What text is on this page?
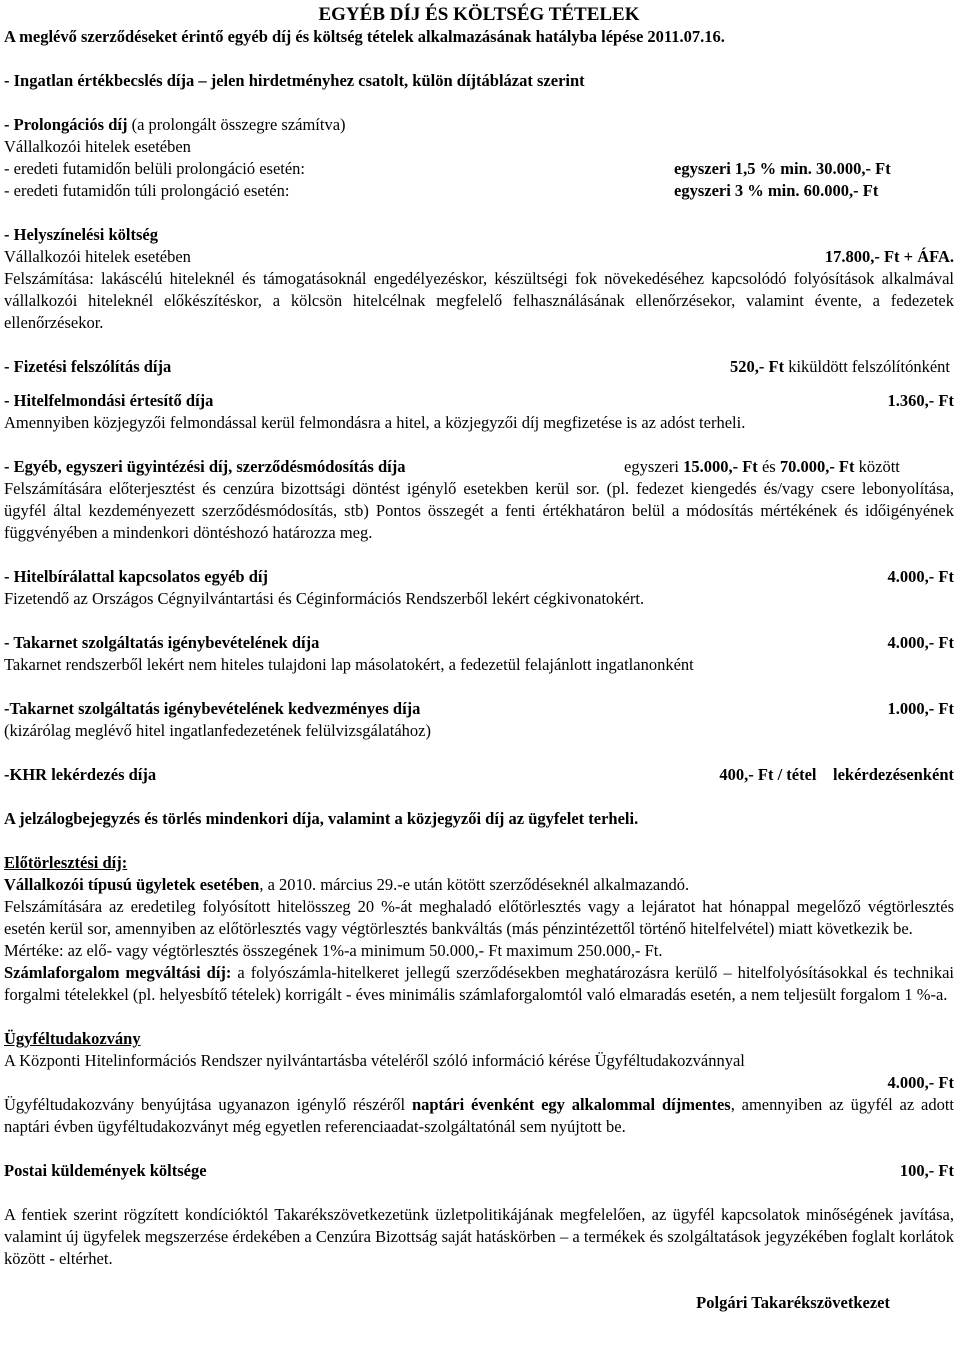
EGYÉB DÍJ ÉS KÖLTSÉG TÉTELEK

A meglévő szerződéseket érintő egyéb díj és költség tételek alkalmazásának hatályba lépése 2011.07.16.

- Ingatlan értékbecslés díja – jelen hirdetményhez csatolt, külön díjtáblázat szerint

- Prolongációs díj (a prolongált összegre számítva)

Vállalkozói hitelek esetében

- eredeti futamidőn belüli prolongáció esetén:	egyszeri 1,5 % min. 30.000,- Ft
- eredeti futamidőn túli prolongáció esetén:	egyszeri 3 % min. 60.000,- Ft

- Helyszínelési költség

Vállalkozói hitelek esetében	17.800,- Ft + ÁFA.

Felszámítása: lakáscélú hiteleknél és támogatásoknál engedélyezéskor, készültségi fok növekedéséhez kapcsolódó folyósítások alkalmával vállalkozói hiteleknél előkészítéskor, a kölcsön hitelcélnak megfelelő felhasználásának ellenőrzésekor, valamint évente, a fedezetek ellenőrzésekor.

- Fizetési felszólítás díja	520,- Ft kiküldött felszólítónként
- Hitelfelmondási értesítő díja	1.360,- Ft

Amennyiben közjegyzői felmondással kerül felmondásra a hitel, a közjegyzői díj megfizetése is az adóst terheli.

- Egyéb, egyszeri ügyintézési díj, szerződésmódosítás díja	egyszeri 15.000,- Ft és 70.000,- Ft között

Felszámítására előterjesztést és cenzúra bizottsági döntést igénylő esetekben kerül sor. (pl. fedezet kiengedés és/vagy csere lebonyolítása, ügyfél által kezdeményezett szerződésmódosítás, stb) Pontos összegét a fenti értékhatáron belül a módosítás mértékének és időigényének függvényében a mindenkori döntéshozó határozza meg.

- Hitelbírálattal kapcsolatos egyéb díj	4.000,- Ft

Fizetendő az Országos Cégnyilvántartási és Céginformációs Rendszerből lekért cégkivonatokért.

- Takarnet szolgáltatás igénybevételének díja	4.000,- Ft

Takarnet rendszerből lekért nem hiteles tulajdoni lap másolatokért, a fedezetül felajánlott ingatlanonként

-Takarnet szolgáltatás igénybevételének kedvezményes díja	1.000,- Ft

(kizárólag meglévő hitel ingatlanfedezetének felülvizsgálatához)

-KHR lekérdezés díja	400,- Ft / tétel lekérdezésenként

A jelzálogbejegyzés és törlés mindenkori díja, valamint a közjegyzői díj az ügyfelet terheli.

Előtörlesztési díj:

Vállalkozói típusú ügyletek esetében, a 2010. március 29.-e után kötött szerződéseknél alkalmazandó.

Felszámítására az eredetileg folyósított hitelösszeg 20 %-át meghaladó előtörlesztés vagy a lejáratot hat hónappal megelőző végtörlesztés esetén kerül sor, amennyiben az előtörlesztés vagy végtörlesztés bankváltás (más pénzintézettől történő hitelfelvétel) miatt következik be.

Mértéke: az elő- vagy végtörlesztés összegének 1%-a minimum 50.000,- Ft maximum 250.000,- Ft.

Számlaforgalom megváltási díj: a folyószámla-hitelkeret jellegű szerződésekben meghatározásra kerülő – hitelfolyósításokkal és technikai forgalmi tételekkel (pl. helyesbítő tételek) korrigált - éves minimális számlaforgalomtól való elmaradás esetén, a nem teljesült forgalom 1 %-a.

Ügyféltudakozvány

A Központi Hitelinformációs Rendszer nyilvántartásba vételéről szóló információ kérése Ügyféltudakozvánnyal

4.000,- Ft

Ügyféltudakozvány benyújtása ugyanazon igénylő részéről naptári évenként egy alkalommal díjmentes, amennyiben az ügyfél az adott naptári évben ügyféltudakozványt még egyetlen referenciaadat-szolgáltatónál sem nyújtott be.

Postai küldemények költsége	100,- Ft

A fentiek szerint rögzített kondícióktól Takarékszövetkezetünk üzletpolitikájának megfelelően, az ügyfél kapcsolatok minőségének javítása, valamint új ügyfelek megszerzése érdekében a Cenzúra Bizottság saját hatáskörben – a termékek és szolgáltatások jegyzékében foglalt korlátok között - eltérhet.

Polgári Takarékszövetkezet
